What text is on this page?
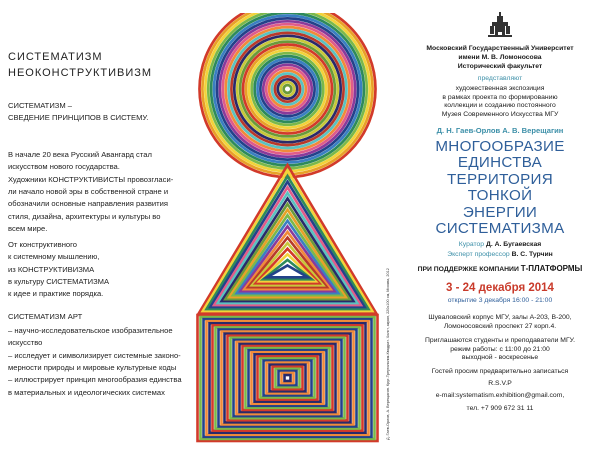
СИСТЕМАТИЗМ
НЕОКОНСТРУКТИВИЗМ
СИСТЕМАТИЗМ –
СВЕДЕНИЕ ПРИНЦИПОВ В СИСТЕМУ.
В начале 20 века Русский Авангард стал
искусством нового государства.
Художники КОНСТРУКТИВИСТЫ провозгласи-
ли начало новой эры в собственной стране и
обозначили основные направления развития
стиля, дизайна, архитектуры и культуры во
всем мире.
От конструктивного
к системному мышлению,
из КОНСТРУКТИВИЗМА
в культуру СИСТЕМАТИЗМА
к идее и практике порядка.
СИСТЕМАТИЗМ АРТ
– научно-исследовательское изобразительное
искусство
– исследует и символизирует системные законо-
мерности природы и мировые культурные коды
– иллюстрирует принцип многообразия единства
в материальных и идеологических системах	Д. Гаев-Орлов, А. Верещагин. Круг-Треугольник-Квадрат. Холст, акрил, 220х100 см, Москва, 2012
Московский Государственный Университет
имени М. В. Ломоносова
Исторический факультет
представляют
художественная экспозиция
в рамках проекта по формированию
коллекции и созданию постоянного
Музея Современного Искусства МГУ
Д. Н. Гаев-Орлов А. В. Верещагин
МНОГООБРАЗИЕ
ЕДИНСТВА
ТЕРРИТОРИЯ
ТОНКОЙ
ЭНЕРГИИ
СИСТЕМАТИЗМА
Куратор Д. А. Бугаевская
Эксперт профессор В. С. Турчин
ПРИ ПОДДЕРЖКЕ КОМПАНИИ Т-ПЛАТФОРМЫ
3 - 24 декабря 2014
открытие 3 декабря 16:00 - 21:00
Шуваловский корпус МГУ, залы А-203, В-200,
Ломоносовский проспект 27 корп.4.
Приглашаются студенты и преподаватели МГУ.
режим работы: с 11:00 до 21:00
выходной - воскресенье
Гостей просим предварительно записаться
R.S.V.P
e-mail:systematism.exhibition@gmail.com,
тел. +7 909 672 31 11
